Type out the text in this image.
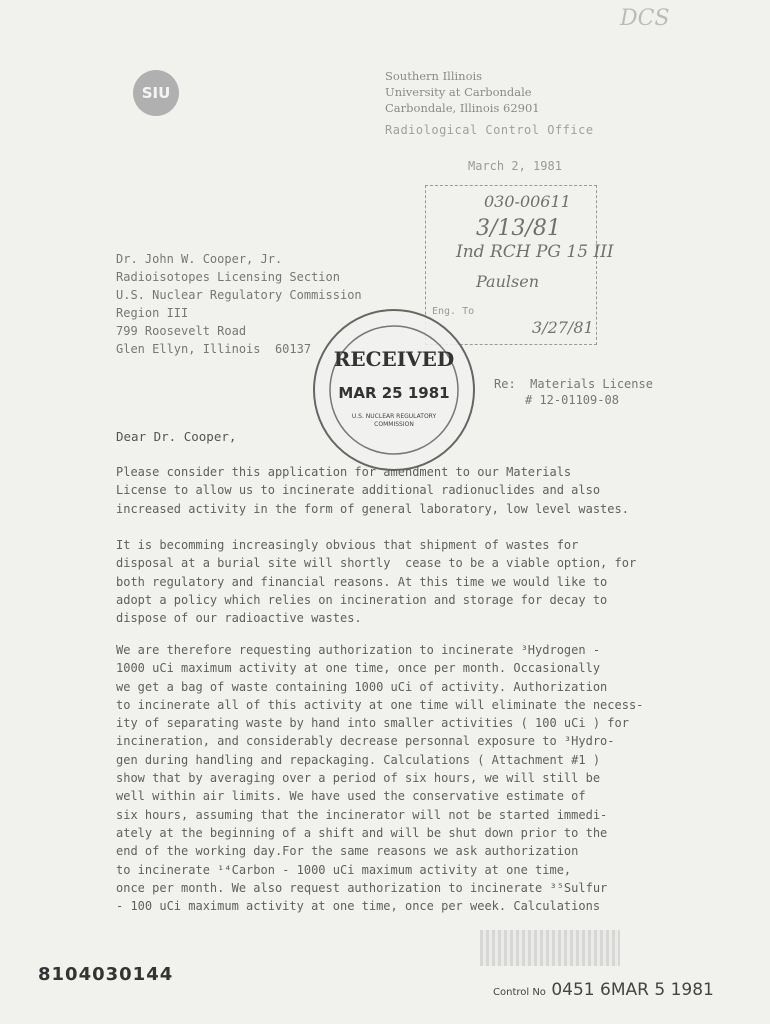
DCS
SIU
Southern Illinois
University at Carbondale
Carbondale, Illinois 62901
Radiological Control Office
March 2, 1981
030-00611
3/13/81
Ind RCH PG 15 III
Paulsen
Eng. To
3/27/81
Dr. John W. Cooper, Jr.
Radioisotopes Licensing Section
U.S. Nuclear Regulatory Commission
Region III
799 Roosevelt Road
Glen Ellyn, Illinois  60137	RECEIVED
MAR 25 1981
U.S. NUCLEAR REGULATORY
COMMISSION
Re: Materials License
# 12-01109-08
Dear Dr. Cooper,
Please consider this application for amendment to our Materials
License to allow us to incinerate additional radionuclides and also
increased activity in the form of general laboratory, low level wastes.
It is becomming increasingly obvious that shipment of wastes for
disposal at a burial site will shortly  cease to be a viable option, for
both regulatory and financial reasons. At this time we would like to
adopt a policy which relies on incineration and storage for decay to
dispose of our radioactive wastes.
We are therefore requesting authorization to incinerate ³Hydrogen -
1000 uCi maximum activity at one time, once per month. Occasionally
we get a bag of waste containing 1000 uCi of activity. Authorization
to incinerate all of this activity at one time will eliminate the necess-
ity of separating waste by hand into smaller activities ( 100 uCi ) for
incineration, and considerably decrease personnal exposure to ³Hydro-
gen during handling and repackaging. Calculations ( Attachment #1 )
show that by averaging over a period of six hours, we will still be
well within air limits. We have used the conservative estimate of
six hours, assuming that the incinerator will not be started immedi-
ately at the beginning of a shift and will be shut down prior to the
end of the working day.For the same reasons we ask authorization
to incinerate ¹⁴Carbon - 1000 uCi maximum activity at one time,
once per month. We also request authorization to incinerate ³⁵Sulfur
- 100 uCi maximum activity at one time, once per week. Calculations
8104030144
Control No 0451 6MAR 5 1981
